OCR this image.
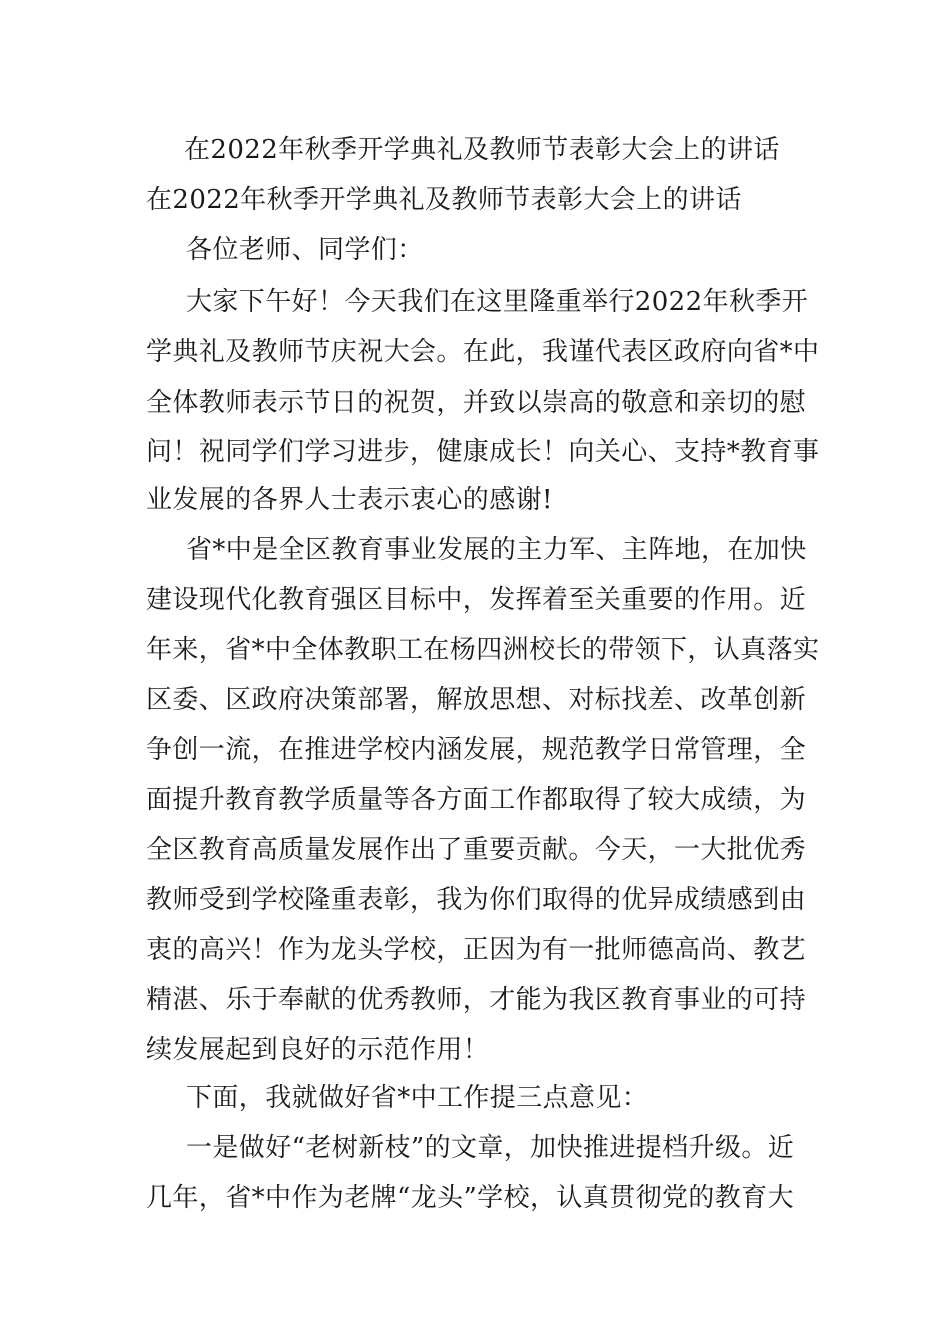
在2022年秋季开学典礼及教师节表彰大会上的讲话
在2022年秋季开学典礼及教师节表彰大会上的讲话
各位老师、同学们：
大家下午好！今天我们在这里隆重举行2022年秋季开
学典礼及教师节庆祝大会。在此，我谨代表区政府向省*中
全体教师表示节日的祝贺，并致以崇高的敬意和亲切的慰
问！祝同学们学习进步，健康成长！向关心、支持*教育事
业发展的各界人士表示衷心的感谢!
省*中是全区教育事业发展的主力军、主阵地，在加快
建设现代化教育强区目标中，发挥着至关重要的作用。近
年来，省*中全体教职工在杨四洲校长的带领下，认真落实
区委、区政府决策部署，解放思想、对标找差、改革创新
争创一流，在推进学校内涵发展，规范教学日常管理，全
面提升教育教学质量等各方面工作都取得了较大成绩，为
全区教育高质量发展作出了重要贡献。今天，一大批优秀
教师受到学校隆重表彰，我为你们取得的优异成绩感到由
衷的高兴！作为龙头学校，正因为有一批师德高尚、教艺
精湛、乐于奉献的优秀教师，才能为我区教育事业的可持
续发展起到良好的示范作用！
下面，我就做好省*中工作提三点意见：
一是做好“老树新枝”的文章，加快推进提档升级。近
几年，省*中作为老牌“龙头”学校，认真贯彻党的教育大
